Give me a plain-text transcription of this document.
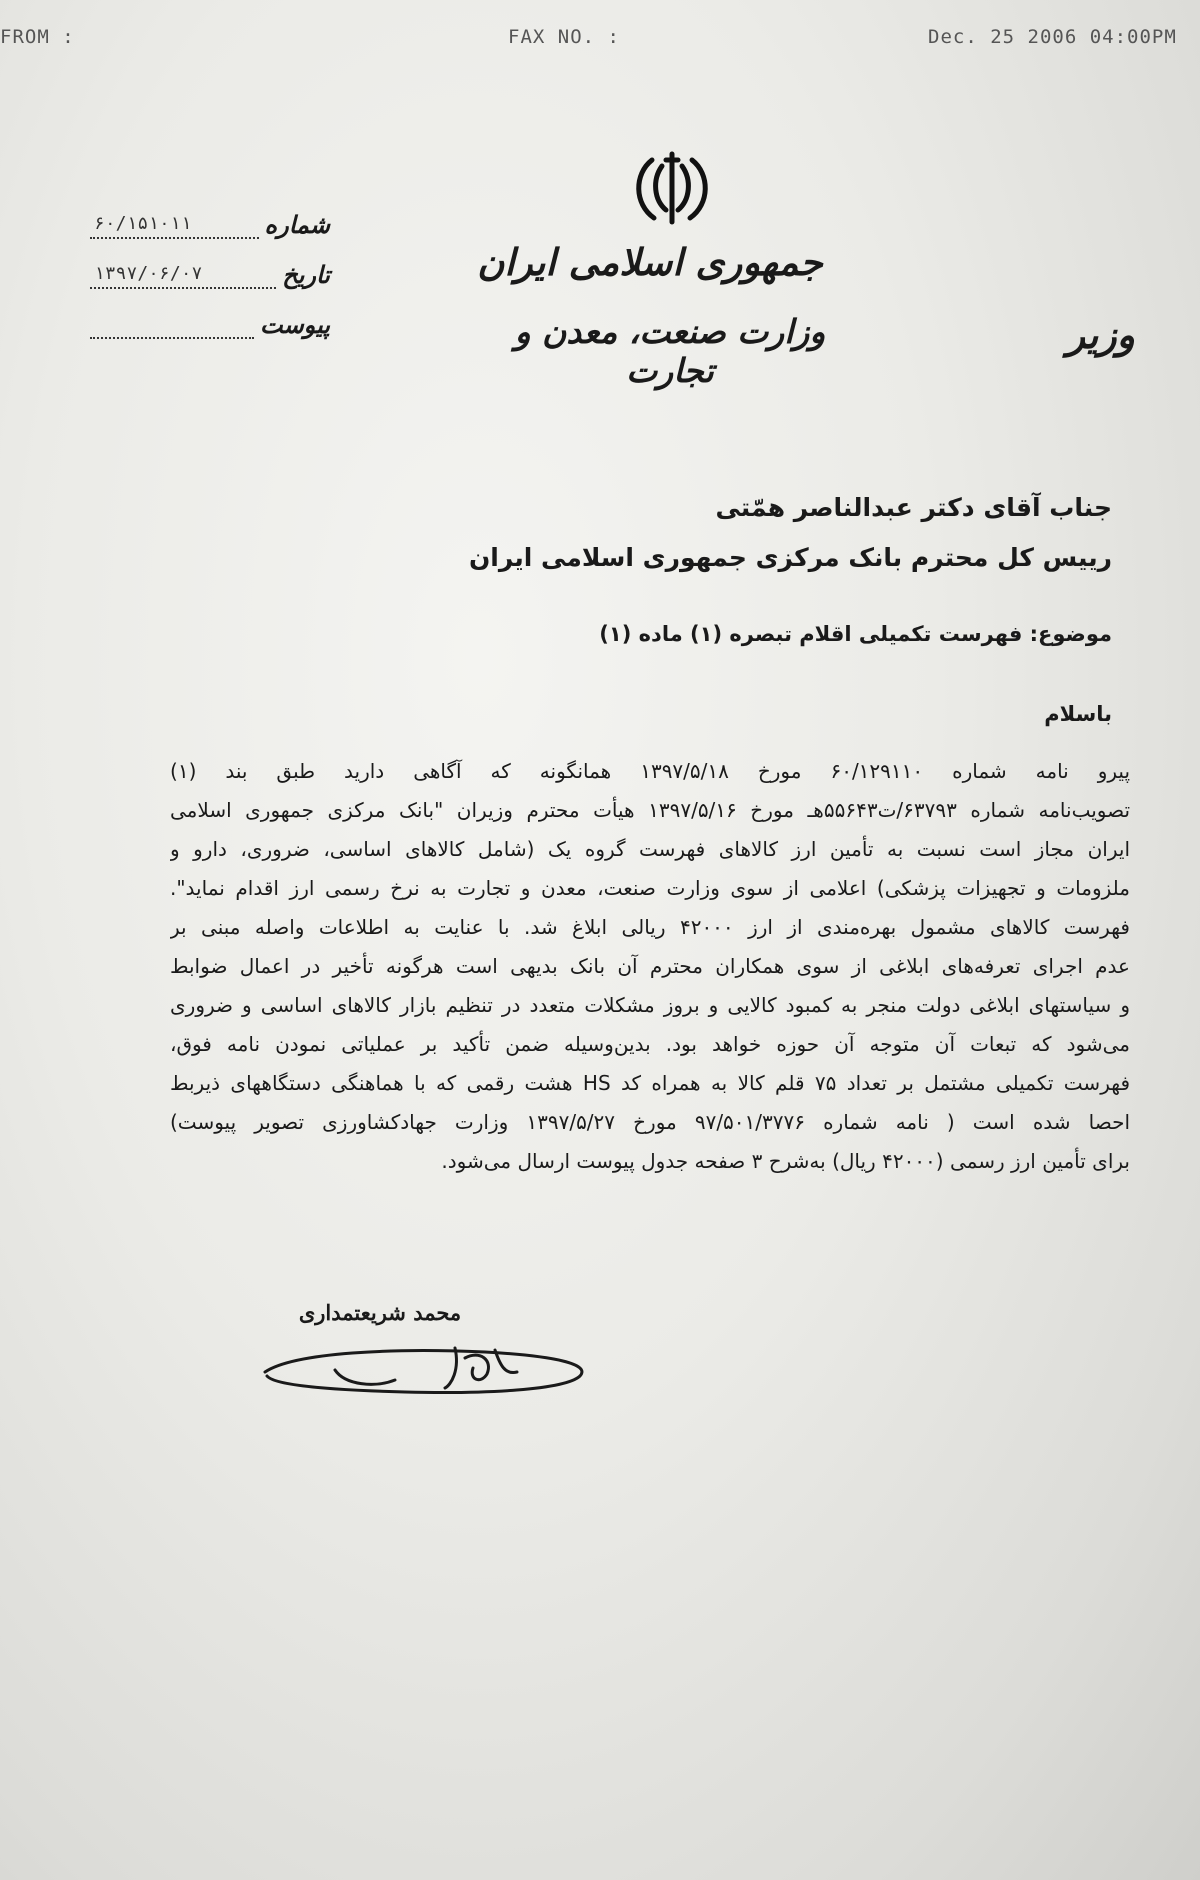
FROM :	FAX NO. :	Dec. 25 2006 04:00PM
جمهوری اسلامی ایران
وزارت صنعت، معدن و تجارت
وزیر
شماره
۶۰/۱۵۱۰۱۱
تاریخ
۱۳۹۷/۰۶/۰۷
پیوست
جناب آقای دکتر عبدالناصر همّتی
رییس کل محترم بانک مرکزی جمهوری اسلامی ایران
موضوع: فهرست تکمیلی اقلام تبصره (۱) ماده (۱)
باسلام
پیرو نامه شماره ۶۰/۱۲۹۱۱۰ مورخ ۱۳۹۷/۵/۱۸ همانگونه که آگاهی دارید طبق بند (۱)
تصویب‌نامه شماره ۶۳۷۹۳/ت۵۵۶۴۳هـ مورخ ۱۳۹۷/۵/۱۶ هیأت محترم وزیران "بانک مرکزی جمهوری اسلامی
ایران مجاز است نسبت به تأمین ارز کالاهای فهرست گروه یک (شامل کالاهای اساسی، ضروری، دارو و
ملزومات و تجهیزات پزشکی) اعلامی از سوی وزارت صنعت، معدن و تجارت به نرخ رسمی ارز اقدام نماید".
فهرست کالاهای مشمول بهره‌مندی از ارز ۴۲۰۰۰ ریالی ابلاغ شد. با عنایت به اطلاعات واصله مبنی بر
عدم اجرای تعرفه‌های ابلاغی از سوی همکاران محترم آن بانک بدیهی است هرگونه تأخیر در اعمال ضوابط
و سیاستهای ابلاغی دولت منجر به کمبود کالایی و بروز مشکلات متعدد در تنظیم بازار کالاهای اساسی و ضروری
می‌شود که تبعات آن متوجه آن حوزه خواهد بود. بدین‌وسیله ضمن تأکید بر عملیاتی نمودن نامه فوق،
فهرست تکمیلی مشتمل بر تعداد ۷۵ قلم کالا به همراه کد HS هشت رقمی که با هماهنگی دستگاههای ذیربط
احصا شده است ( نامه شماره ۹۷/۵۰۱/۳۷۷۶ مورخ ۱۳۹۷/۵/۲۷ وزارت جهادکشاورزی تصویر پیوست)
برای تأمین ارز رسمی (۴۲۰۰۰ ریال) به‌شرح ۳ صفحه جدول پیوست ارسال می‌شود.
محمد شریعتمداری
